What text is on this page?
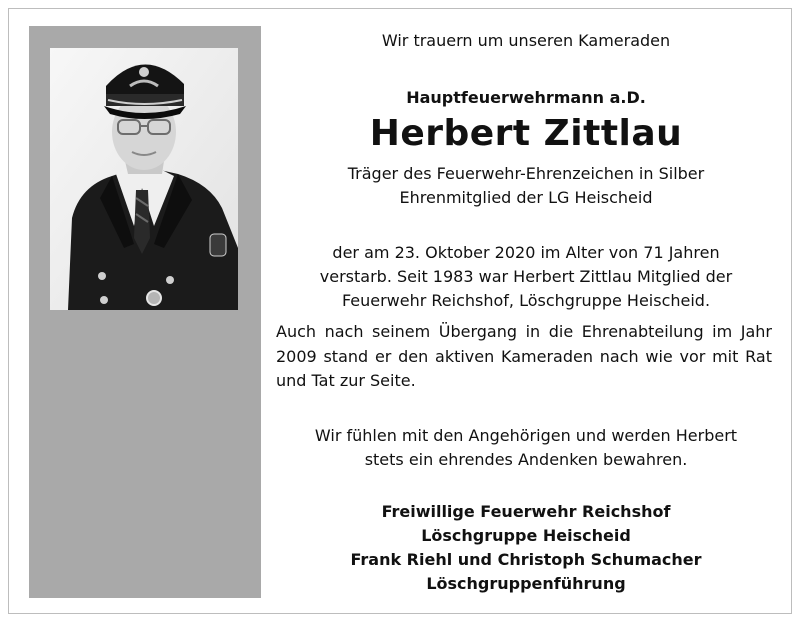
Wir trauern um unseren Kameraden
Hauptfeuerwehrmann a.D.
Herbert Zittlau
Träger des Feuerwehr-Ehrenzeichen in Silber
Ehrenmitglied der LG Heischeid
der am 23. Oktober 2020 im Alter von 71 Jahren
verstarb. Seit 1983 war Herbert Zittlau Mitglied der
Feuerwehr Reichshof, Löschgruppe Heischeid.
Auch nach seinem Übergang in die Ehrenabteilung im Jahr 2009 stand er den aktiven Kameraden nach wie vor mit Rat und Tat zur Seite.
Wir fühlen mit den Angehörigen und werden Herbert
stets ein ehrendes Andenken bewahren.
Freiwillige Feuerwehr Reichshof
Löschgruppe Heischeid
Frank Riehl und Christoph Schumacher
Löschgruppenführung
